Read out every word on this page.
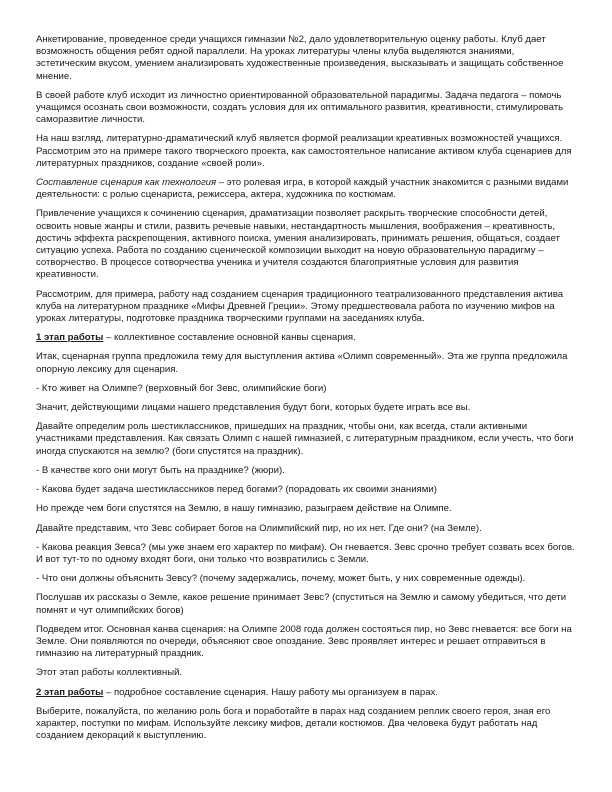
Анкетирование, проведенное среди учащихся гимназии №2, дало удовлетворительную оценку работы. Клуб дает возможность общения ребят одной параллели. На уроках литературы члены клуба выделяются знаниями, эстетическим вкусом, умением анализировать художественные произведения, высказывать и защищать собственное мнение.

В своей работе клуб исходит из личностно ориентированной образовательной парадигмы. Задача педагога – помочь учащимся осознать свои возможности, создать условия для их оптимального развития, креативности, стимулировать саморазвитие личности.

На наш взгляд, литературно-драматический клуб является формой реализации креативных возможностей учащихся. Рассмотрим это на примере такого творческого проекта, как самостоятельное написание активом клуба сценариев для литературных праздников, создание «своей роли».

Составление сценария как технология – это ролевая игра, в которой каждый участник знакомится с разными видами деятельности: с ролью сценариста, режиссера, актера, художника по костюмам.

Привлечение учащихся к сочинению сценария, драматизации позволяет раскрыть творческие способности детей, освоить новые жанры и стили, развить речевые навыки, нестандартность мышления, воображения – креативность, достичь эффекта раскрепощения, активного поиска, умения анализировать, принимать решения, общаться, создает ситуацию успеха. Работа по созданию сценической композиции выходит на новую образовательную парадигму – сотворчество. В процессе сотворчества ученика и учителя создаются благоприятные условия для развития креативности.

Рассмотрим, для примера, работу над созданием сценария традиционного театрализованного представления актива клуба на литературном празднике «Мифы Древней Греции». Этому предшествовала работа по изучению мифов на уроках литературы, подготовке праздника творческими группами на заседаниях клуба.

1 этап работы – коллективное составление основной канвы сценария.

Итак, сценарная группа предложила тему для выступления актива «Олимп современный». Эта же группа предложила опорную лексику для сценария.

- Кто живет на Олимпе? (верховный бог Зевс, олимпийские боги)

Значит, действующими лицами нашего представления будут боги, которых будете играть все вы.

Давайте определим роль шестиклассников, пришедших на праздник, чтобы они, как всегда, стали активными участниками представления. Как связать Олимп с нашей гимназией, с литературным праздником, если учесть, что боги иногда спускаются на землю? (боги спустятся на праздник).

- В качестве кого они могут быть на празднике? (жюри).

- Какова будет задача шестиклассников перед богами? (порадовать их своими знаниями)

Но прежде чем боги спустятся на Землю, в нашу гимназию, разыграем действие на Олимпе.

Давайте представим, что Зевс собирает богов на Олимпийский пир, но их нет. Где они? (на Земле).

- Какова реакция Зевса? (мы уже знаем его характер по мифам). Он гневается. Зевс срочно требует созвать всех богов. И вот тут-то по одному входят боги, они только что возвратились с Земли.

- Что они должны объяснить Зевсу? (почему задержались, почему, может быть, у них современные одежды).

Послушав их рассказы о Земле, какое решение принимает Зевс? (спуститься на Землю и самому убедиться, что дети помнят и чут олимпийских богов)

Подведем итог. Основная канва сценария: на Олимпе 2008 года должен состояться пир, но Зевс гневается: все боги на Земле. Они появляются по очереди, объясняют свое опоздание. Зевс проявляет интерес и решает отправиться в гимназию на литературный праздник.

Этот этап работы коллективный.

2 этап работы – подробное составление сценария. Нашу работу мы организуем в парах.

Выберите, пожалуйста, по желанию роль бога и поработайте в парах над созданием реплик своего героя, зная его характер, поступки по мифам. Используйте лексику мифов, детали костюмов. Два человека будут работать над созданием декораций к выступлению.
